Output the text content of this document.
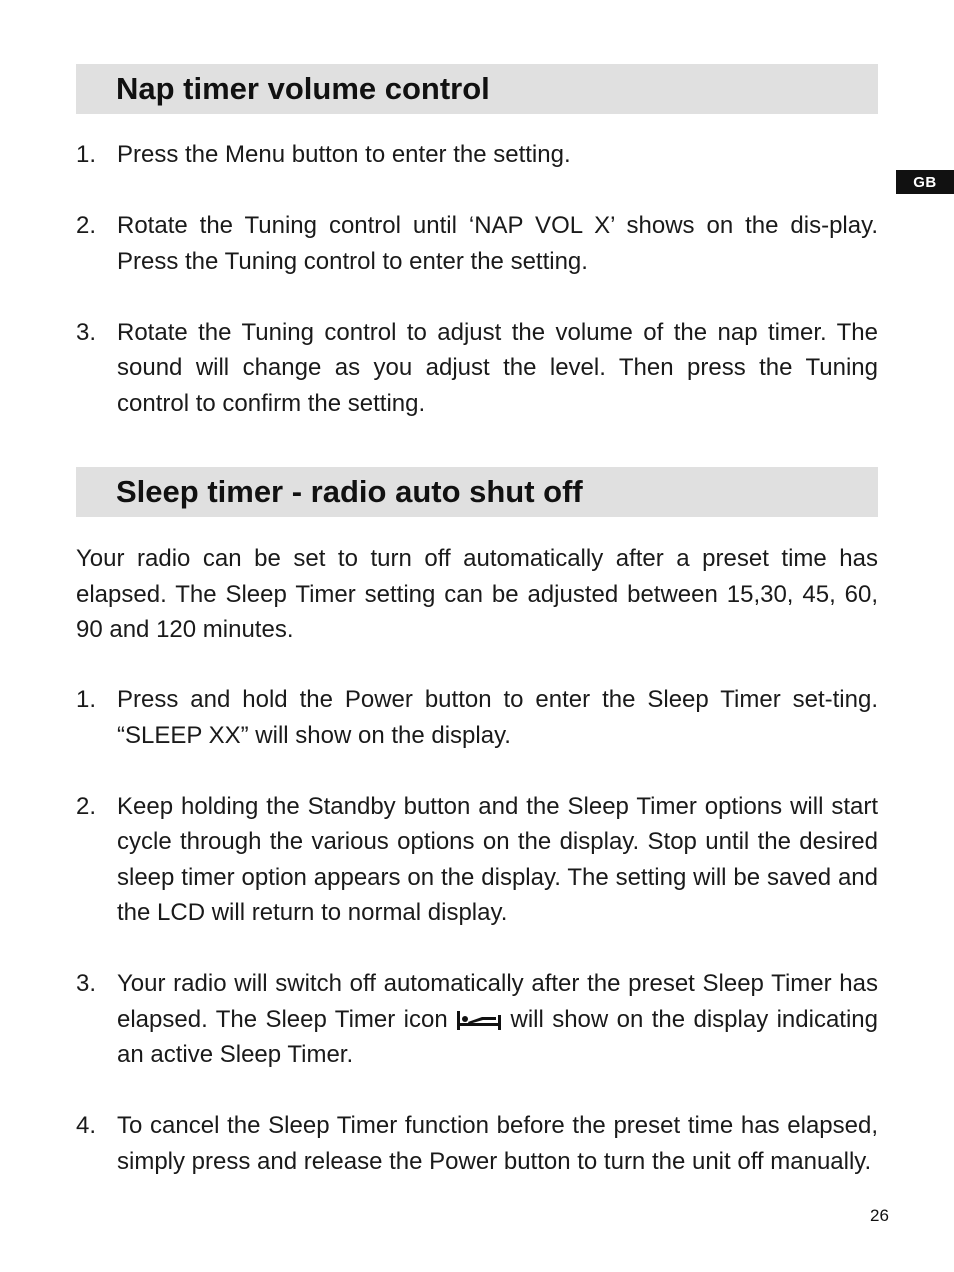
GB
Nap timer volume control
1. Press the Menu button to enter the setting.
2. Rotate the Tuning control until ‘NAP VOL X’ shows on the dis-play. Press the Tuning control to enter the setting.
3. Rotate the Tuning control to adjust the volume of the nap timer. The sound will change as you adjust the level. Then press the Tuning control to confirm the setting.
Sleep timer - radio auto shut off

Your radio can be set to turn off automatically after a preset time has elapsed. The Sleep Timer setting can be adjusted between 15,30, 45, 60, 90 and 120 minutes.

1. Press and hold the Power button to enter the Sleep Timer set-ting. “SLEEP XX” will show on the display.
2. Keep holding the Standby button and the Sleep Timer options will start cycle through the various options on the display. Stop until the desired sleep timer option appears on the display. The setting will be saved and the LCD will return to normal display.
3. Your radio will switch off automatically after the preset Sleep Timer has elapsed. The Sleep Timer icon	will show on the display indicating an active Sleep Timer.
4. To cancel the Sleep Timer function before the preset time has elapsed, simply press and release the Power button to turn the unit off manually.
26
